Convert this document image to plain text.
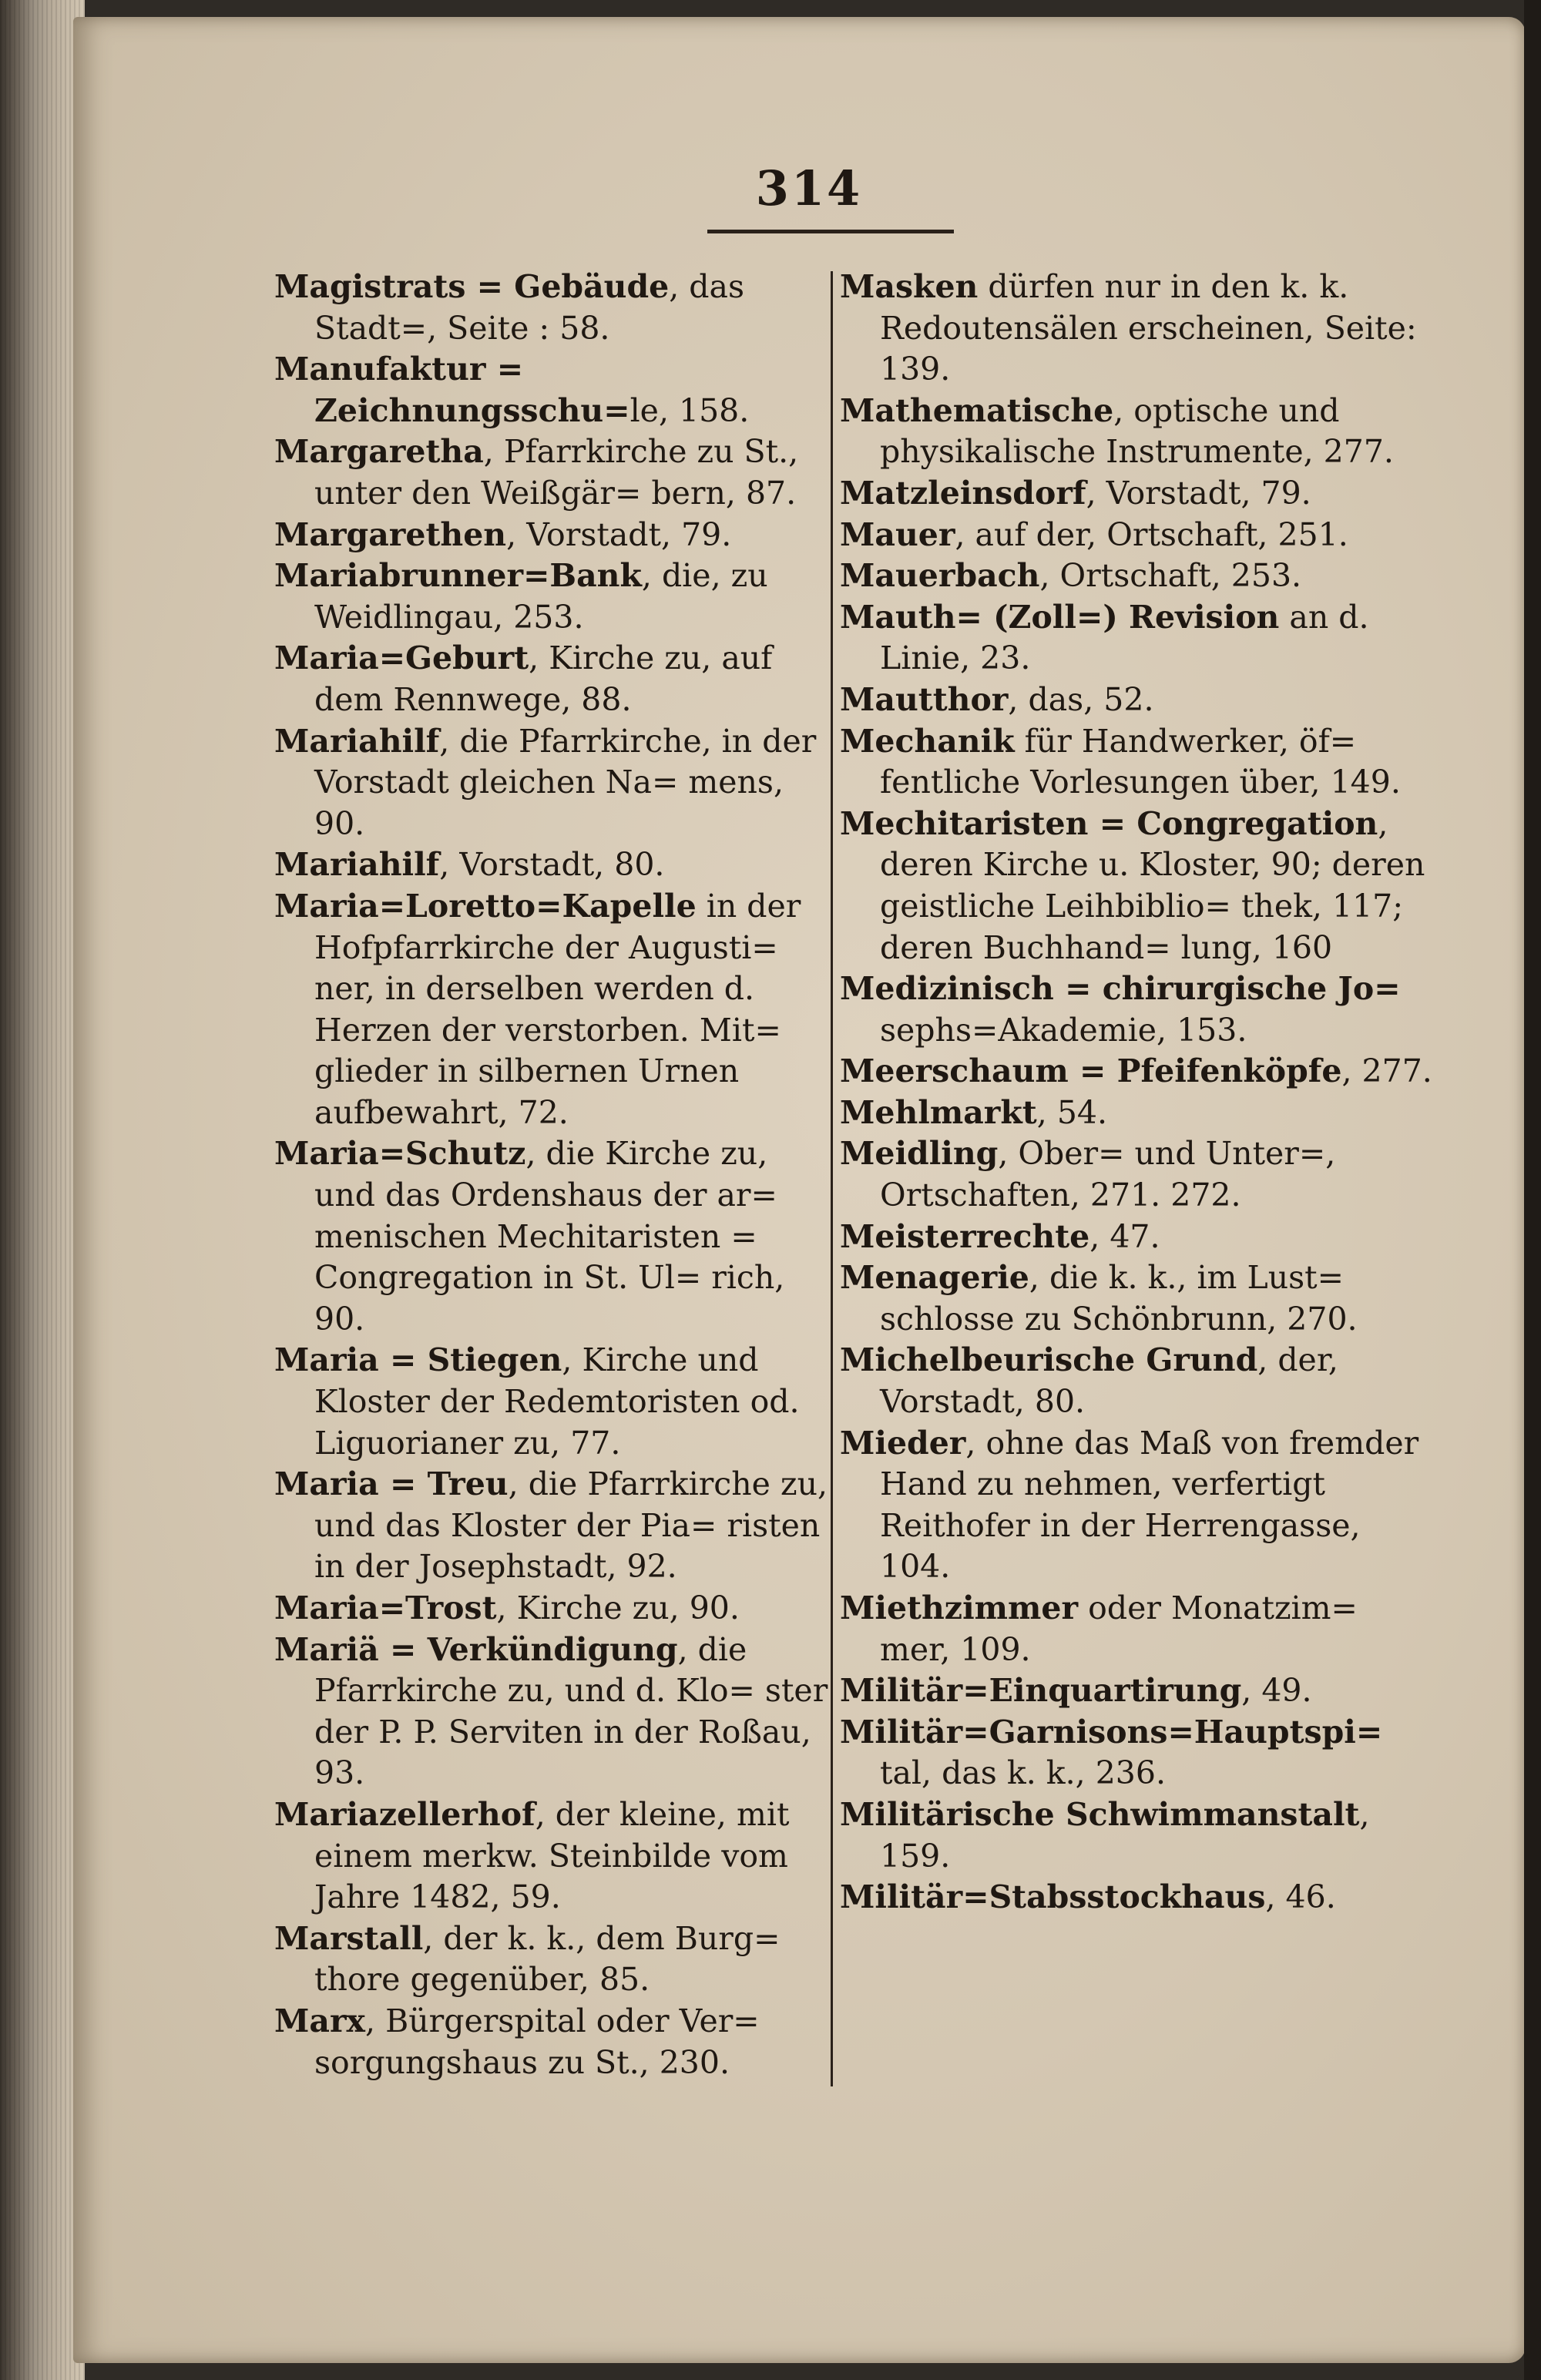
314

Magistrats = Gebäude, das Stadt=, Seite : 58.

Manufaktur = Zeichnungsschu=le, 158.

Margaretha, Pfarrkirche zu St., unter den Weißgär= bern, 87.

Margarethen, Vorstadt, 79.

Mariabrunner=Bank, die, zu Weidlingau, 253.

Maria=Geburt, Kirche zu, auf dem Rennwege, 88.

Mariahilf, die Pfarrkirche, in der Vorstadt gleichen Na= mens, 90.

Mariahilf, Vorstadt, 80.

Maria=Loretto=Kapelle in der Hofpfarrkirche der Augusti= ner, in derselben werden d. Herzen der verstorben. Mit= glieder in silbernen Urnen aufbewahrt, 72.

Maria=Schutz, die Kirche zu, und das Ordenshaus der ar= menischen Mechitaristen = Congregation in St. Ul= rich, 90.

Maria = Stiegen, Kirche und Kloster der Redemtoristen od. Liguorianer zu, 77.

Maria = Treu, die Pfarrkirche zu, und das Kloster der Pia= risten in der Josephstadt, 92.

Maria=Trost, Kirche zu, 90.

Mariä = Verkündigung, die Pfarrkirche zu, und d. Klo= ster der P. P. Serviten in der Roßau, 93.

Mariazellerhof, der kleine, mit einem merkw. Steinbilde vom Jahre 1482, 59.

Marstall, der k. k., dem Burg= thore gegenüber, 85.

Marx, Bürgerspital oder Ver= sorgungshaus zu St., 230.

Masken dürfen nur in den k. k. Redoutensälen erscheinen, Seite: 139.

Mathematische, optische und physikalische Instrumente, 277.

Matzleinsdorf, Vorstadt, 79.

Mauer, auf der, Ortschaft, 251.

Mauerbach, Ortschaft, 253.

Mauth= (Zoll=) Revision an d. Linie, 23.

Mautthor, das, 52.

Mechanik für Handwerker, öf= fentliche Vorlesungen über, 149.

Mechitaristen = Congregation, deren Kirche u. Kloster, 90; deren geistliche Leihbiblio= thek, 117; deren Buchhand= lung, 160

Medizinisch = chirurgische Jo= sephs=Akademie, 153.

Meerschaum = Pfeifenköpfe, 277.

Mehlmarkt, 54.

Meidling, Ober= und Unter=, Ortschaften, 271. 272.

Meisterrechte, 47.

Menagerie, die k. k., im Lust= schlosse zu Schönbrunn, 270.

Michelbeurische Grund, der, Vorstadt, 80.

Mieder, ohne das Maß von fremder Hand zu nehmen, verfertigt Reithofer in der Herrengasse, 104.

Miethzimmer oder Monatzim= mer, 109.

Militär=Einquartirung, 49.

Militär=Garnisons=Hauptspi= tal, das k. k., 236.

Militärische Schwimmanstalt, 159.

Militär=Stabsstockhaus, 46.
